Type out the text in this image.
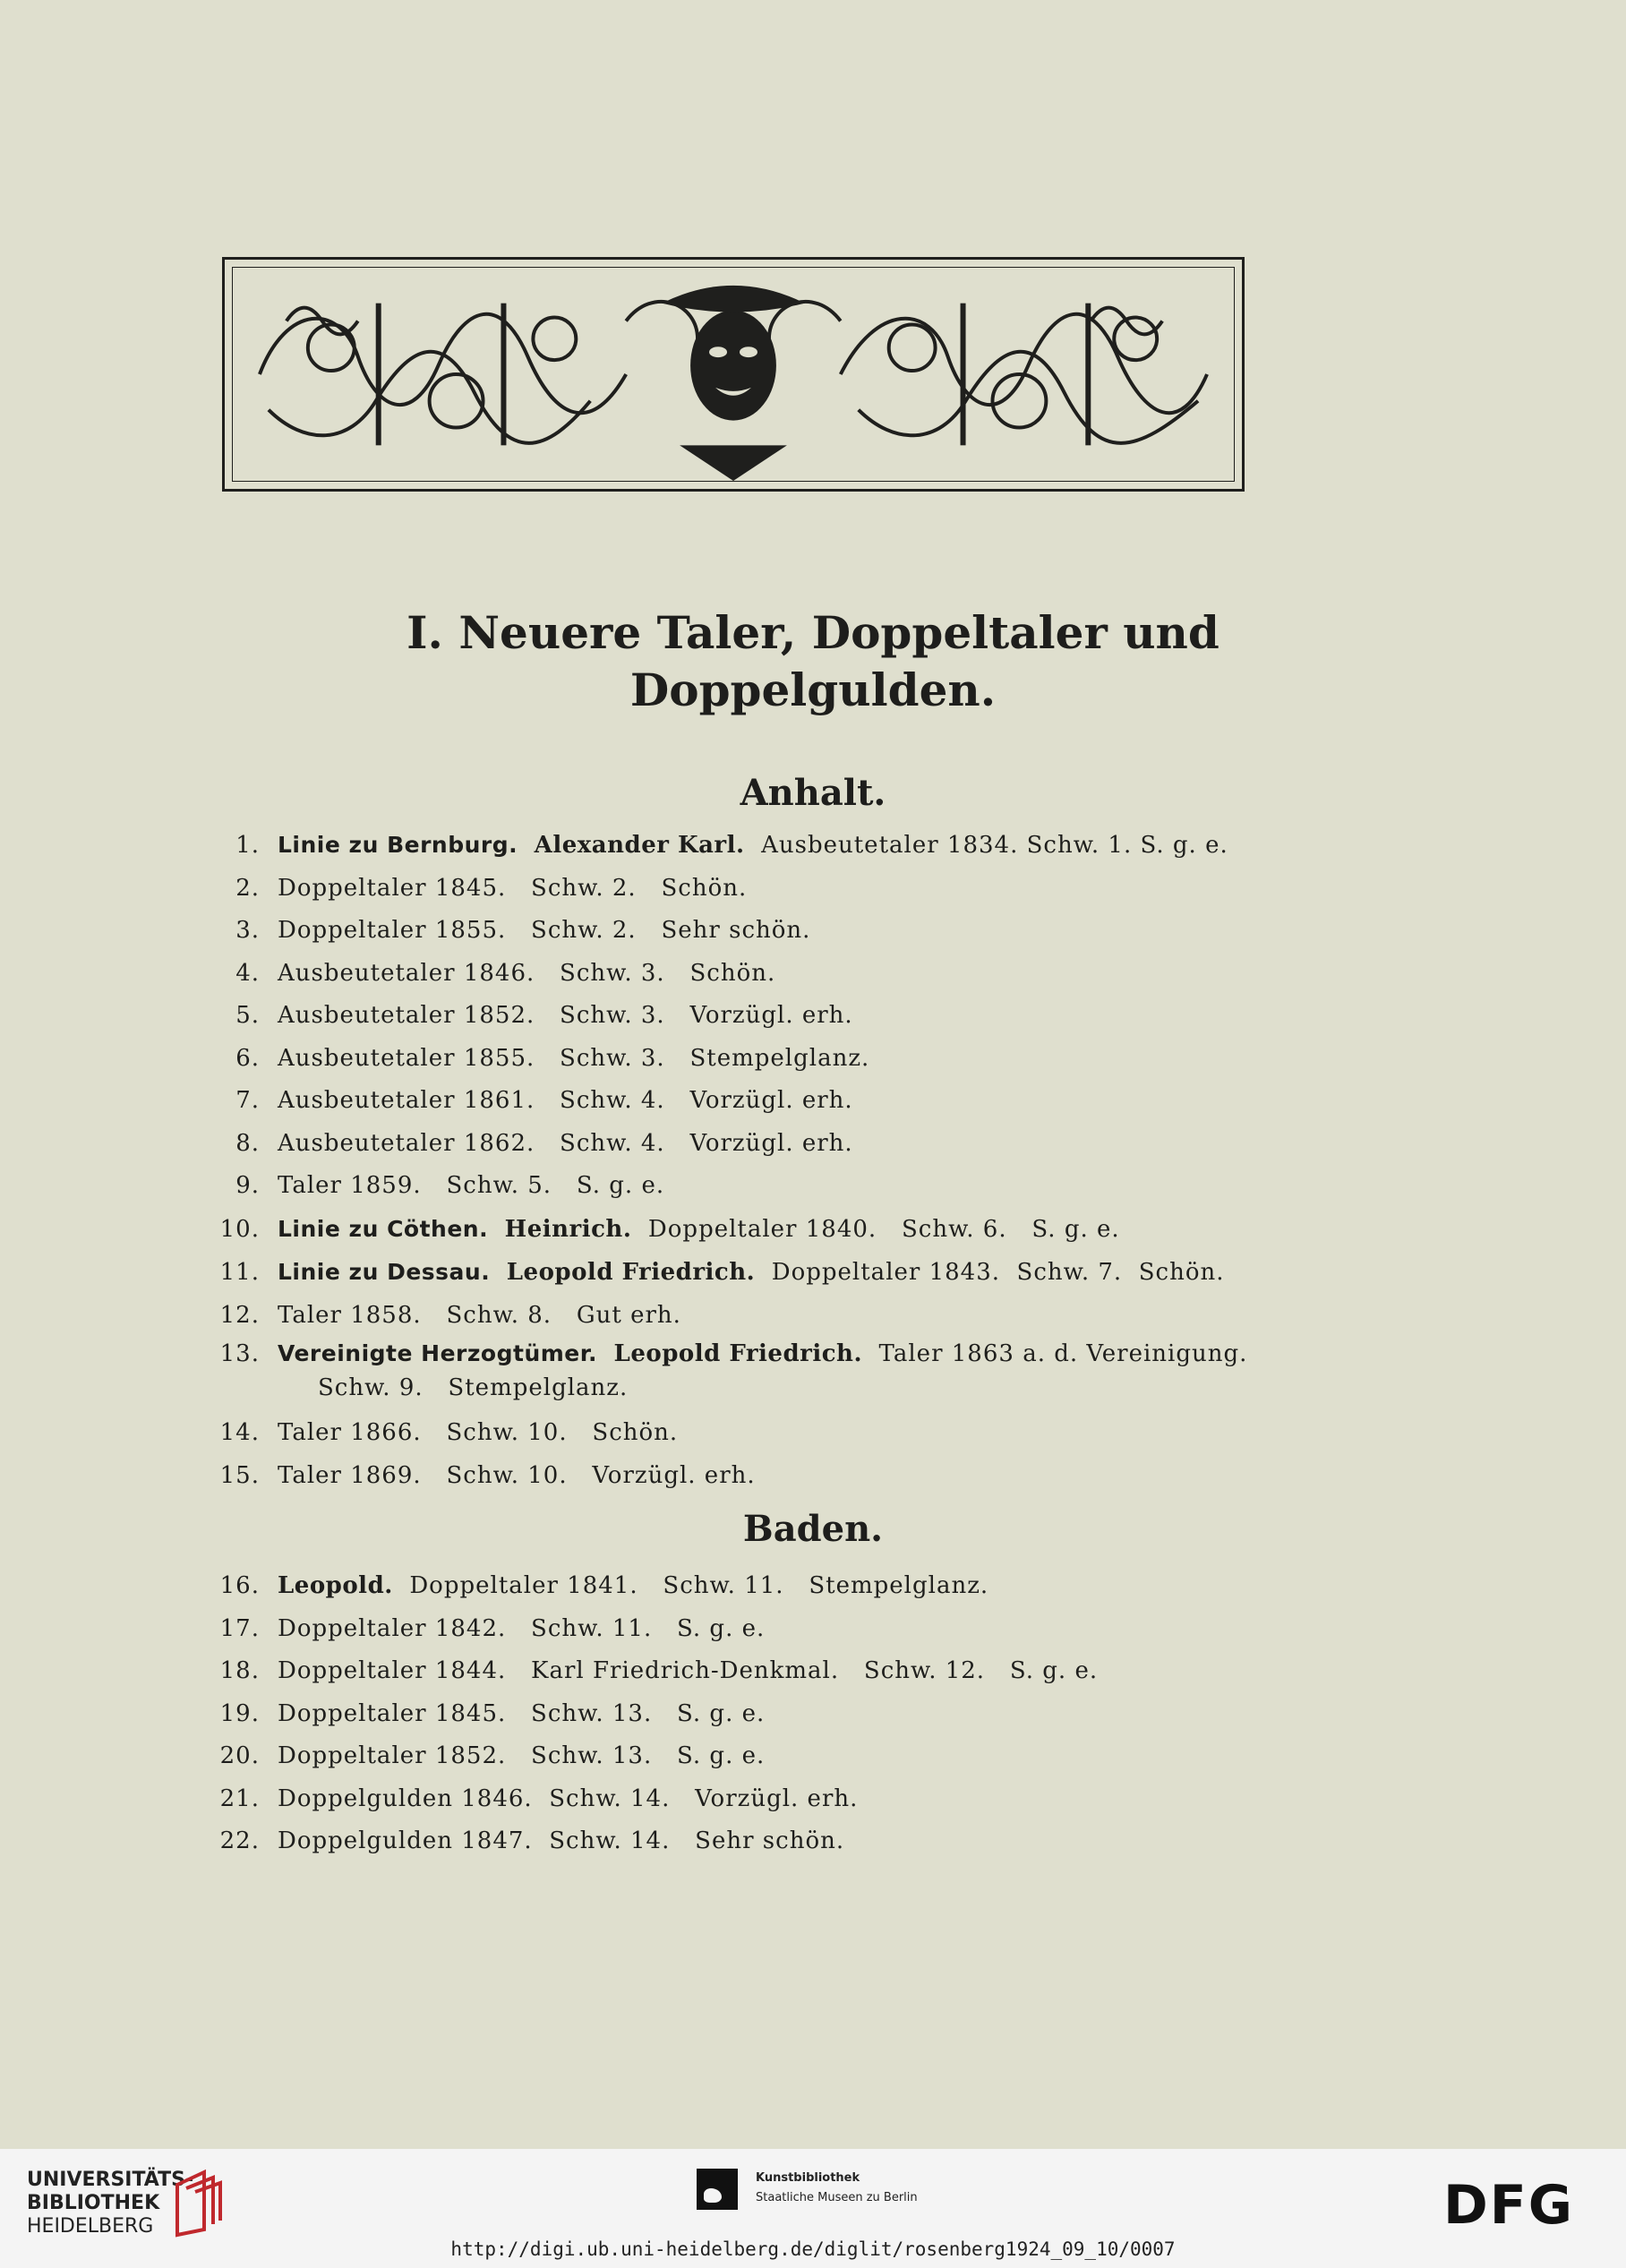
I. Neuere Taler, Doppeltaler und
Doppelgulden.
Anhalt.
1. Linie zu Bernburg. Alexander Karl. Ausbeutetaler 1834. Schw. 1. S. g. e.
2. Doppeltaler 1845.   Schw. 2.   Schön.
3. Doppeltaler 1855.   Schw. 2.   Sehr schön.
4. Ausbeutetaler 1846.   Schw. 3.   Schön.
5. Ausbeutetaler 1852.   Schw. 3.   Vorzügl. erh.
6. Ausbeutetaler 1855.   Schw. 3.   Stempelglanz.
7. Ausbeutetaler 1861.   Schw. 4.   Vorzügl. erh.
8. Ausbeutetaler 1862.   Schw. 4.   Vorzügl. erh.
9. Taler 1859.   Schw. 5.   S. g. e.
10. Linie zu Cöthen. Heinrich. Doppeltaler 1840.   Schw. 6.   S. g. e.
11. Linie zu Dessau. Leopold Friedrich. Doppeltaler 1843.  Schw. 7.  Schön.
12. Taler 1858.   Schw. 8.   Gut erh.
13. Vereinigte Herzogtümer. Leopold Friedrich. Taler 1863 a. d. Vereinigung.
Schw. 9.   Stempelglanz.
14. Taler 1866.   Schw. 10.   Schön.
15. Taler 1869.   Schw. 10.   Vorzügl. erh.
Baden.
16. Leopold. Doppeltaler 1841.   Schw. 11.   Stempelglanz.
17. Doppeltaler 1842.   Schw. 11.   S. g. e.
18. Doppeltaler 1844.   Karl Friedrich-Denkmal.   Schw. 12.   S. g. e.
19. Doppeltaler 1845.   Schw. 13.   S. g. e.
20. Doppeltaler 1852.   Schw. 13.   S. g. e.
21. Doppelgulden 1846.  Schw. 14.   Vorzügl. erh.
22. Doppelgulden 1847.  Schw. 14.   Sehr schön.
UNIVERSITÄTS-
BIBLIOTHEK
HEIDELBERG
Kunstbibliothek
Staatliche Museen zu Berlin	DFG
http://digi.ub.uni-heidelberg.de/diglit/rosenberg1924_09_10/0007
